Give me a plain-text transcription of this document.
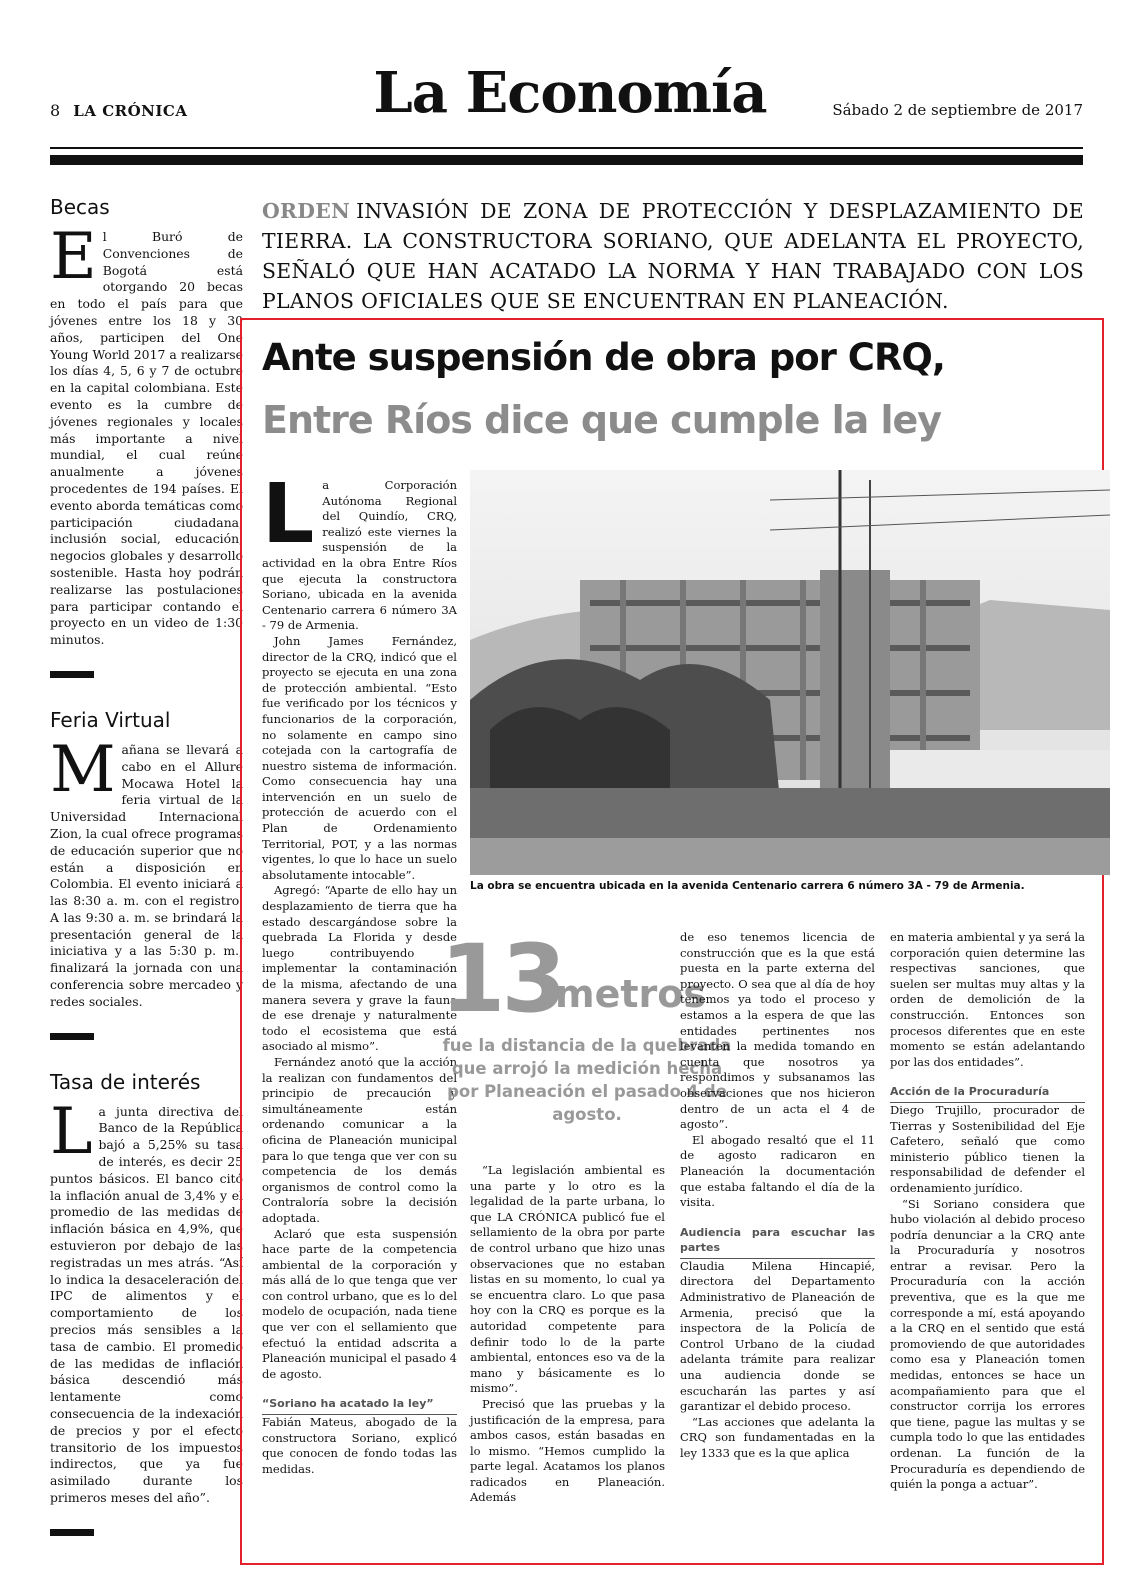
8 LA CRÓNICA	La Economía	Sábado 2 de septiembre de 2017
Becas

El Buró de Convenciones de Bogotá está otorgando 20 becas en todo el país para que jóvenes entre los 18 y 30 años, participen del One Young World 2017 a realizarse los días 4, 5, 6 y 7 de octubre en la capital colombiana. Este evento es la cumbre de jóvenes regionales y locales más importante a nivel mundial, el cual reúne anualmente a jóvenes procedentes de 194 países. El evento aborda temáticas como participación ciudadana, inclusión social, educación, negocios globales y desarrollo sostenible. Hasta hoy podrán realizarse las postulaciones para participar contando el proyecto en un video de 1:30 minutos.

Feria Virtual

Mañana se llevará a cabo en el Allure Mocawa Hotel la feria virtual de la Universidad Internacional Zion, la cual ofrece programas de educación superior que no están a disposición en Colombia. El evento iniciará a las 8:30 a. m. con el registro. A las 9:30 a. m. se brindará la presentación general de la iniciativa y a las 5:30 p. m., finalizará la jornada con una conferencia sobre mercadeo y redes sociales.

Tasa de interés

La junta directiva del Banco de la República bajó a 5,25% su tasa de interés, es decir 25 puntos básicos. El banco citó la inflación anual de 3,4% y el promedio de las medidas de inflación básica en 4,9%, que estuvieron por debajo de las registradas un mes atrás. “Así lo indica la desaceleración del IPC de alimentos y el comportamiento de los precios más sensibles a la tasa de cambio. El promedio de las medidas de inflación básica descendió más lentamente como consecuencia de la indexación de precios y por el efecto transitorio de los impuestos indirectos, que ya fue asimilado durante los primeros meses del año”.

ORDEN INVASIÓN DE ZONA DE PROTECCIÓN Y DESPLAZAMIENTO DE TIERRA. LA CONSTRUCTORA SORIANO, QUE ADELANTA EL PROYECTO, SEÑALÓ QUE HAN ACATADO LA NORMA Y HAN TRABAJADO CON LOS PLANOS OFICIALES QUE SE ENCUENTRAN EN PLANEACIÓN.
Ante suspensión de obra por CRQ,
Entre Ríos dice que cumple la ley

La Corporación Autónoma Regional del Quindío, CRQ, realizó este viernes la suspensión de la actividad en la obra Entre Ríos que ejecuta la constructora Soriano, ubicada en la avenida Centenario carrera 6 número 3A - 79 de Armenia.

John James Fernández, director de la CRQ, indicó que el proyecto se ejecuta en una zona de protección ambiental. “Esto fue verificado por los técnicos y funcionarios de la corporación, no solamente en campo sino cotejada con la cartografía de nuestro sistema de información. Como consecuencia hay una intervención en un suelo de protección de acuerdo con el Plan de Ordenamiento Territorial, POT, y a las normas vigentes, lo que lo hace un suelo absolutamente intocable”.

Agregó: “Aparte de ello hay un desplazamiento de tierra que ha estado descargándose sobre la quebrada La Florida y desde luego contribuyendo a implementar la contaminación de la misma, afectando de una manera severa y grave la fauna de ese drenaje y naturalmente todo el ecosistema que está asociado al mismo”.

Fernández anotó que la acción la realizan con fundamentos del principio de precaución y simultáneamente están ordenando comunicar a la oficina de Planeación municipal para lo que tenga que ver con su competencia de los demás organismos de control como la Contraloría sobre la decisión adoptada.

Aclaró que esta suspensión hace parte de la competencia ambiental de la corporación y más allá de lo que tenga que ver con control urbano, que es lo del modelo de ocupación, nada tiene que ver con el sellamiento que efectuó la entidad adscrita a Planeación municipal el pasado 4 de agosto.

“Soriano ha acatado la ley”

Fabián Mateus, abogado de la constructora Soriano, explicó que conocen de fondo todas las medidas.

La obra se encuentra ubicada en la avenida Centenario carrera 6 número 3A - 79 de Armenia.
13
metros
fue la distancia de la quebrada que arrojó la medición hecha por Planeación el pasado 4 de agosto.

“La legislación ambiental es una parte y lo otro es la legalidad de la parte urbana, lo que LA CRÓNICA publicó fue el sellamiento de la obra por parte de control urbano que hizo unas observaciones que no estaban listas en su momento, lo cual ya se encuentra claro. Lo que pasa hoy con la CRQ es porque es la autoridad competente para definir todo lo de la parte ambiental, entonces eso va de la mano y básicamente es lo mismo”.

Precisó que las pruebas y la justificación de la empresa, para ambos casos, están basadas en lo mismo. “Hemos cumplido la parte legal. Acatamos los planos radicados en Planeación. Además

de eso tenemos licencia de construcción que es la que está puesta en la parte externa del proyecto. O sea que al día de hoy tenemos ya todo el proceso y estamos a la espera de que las entidades pertinentes nos levanten la medida tomando en cuenta que nosotros ya respondimos y subsanamos las observaciones que nos hicieron dentro de un acta el 4 de agosto”.

El abogado resaltó que el 11 de agosto radicaron en Planeación la documentación que estaba faltando el día de la visita.

Audiencia para escuchar las partes

Claudia Milena Hincapié, directora del Departamento Administrativo de Planeación de Armenia, precisó que la inspectora de la Policía de Control Urbano de la ciudad adelanta trámite para realizar una audiencia donde se escucharán las partes y así garantizar el debido proceso.

“Las acciones que adelanta la CRQ son fundamentadas en la ley 1333 que es la que aplica

en materia ambiental y ya será la corporación quien determine las respectivas sanciones, que suelen ser multas muy altas y la orden de demolición de la construcción. Entonces son procesos diferentes que en este momento se están adelantando por las dos entidades”.

Acción de la Procuraduría

Diego Trujillo, procurador de Tierras y Sostenibilidad del Eje Cafetero, señaló que como ministerio público tienen la responsabilidad de defender el ordenamiento jurídico.

“Si Soriano considera que hubo violación al debido proceso podría denunciar a la CRQ ante la Procuraduría y nosotros entrar a revisar. Pero la Procuraduría con la acción preventiva, que es la que me corresponde a mí, está apoyando a la CRQ en el sentido que está promoviendo de que autoridades como esa y Planeación tomen medidas, entonces se hace un acompañamiento para que el constructor corrija los errores que tiene, pague las multas y se cumpla todo lo que las entidades ordenan. La función de la Procuraduría es dependiendo de quién la ponga a actuar”.
